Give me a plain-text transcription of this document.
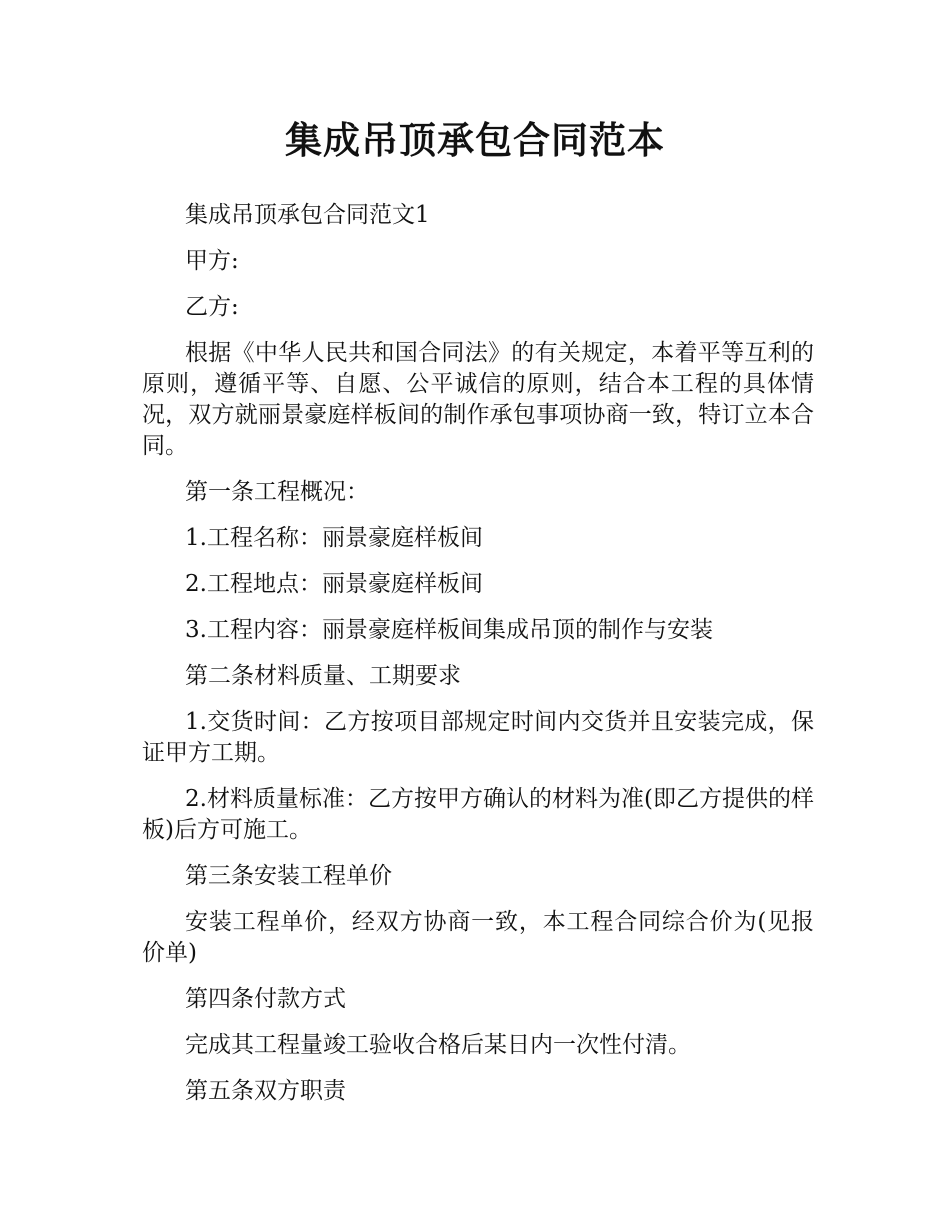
集成吊顶承包合同范本

集成吊顶承包合同范文1

甲方:

乙方:

根据《中华人民共和国合同法》的有关规定，本着平等互利的原则，遵循平等、自愿、公平诚信的原则，结合本工程的具体情况，双方就丽景豪庭样板间的制作承包事项协商一致，特订立本合同。

第一条工程概况：

1.工程名称：丽景豪庭样板间

2.工程地点：丽景豪庭样板间

3.工程内容：丽景豪庭样板间集成吊顶的制作与安装

第二条材料质量、工期要求

1.交货时间：乙方按项目部规定时间内交货并且安装完成，保证甲方工期。

2.材料质量标准：乙方按甲方确认的材料为准(即乙方提供的样板)后方可施工。

第三条安装工程单价

安装工程单价，经双方协商一致，本工程合同综合价为(见报价单)

第四条付款方式

完成其工程量竣工验收合格后某日内一次性付清。

第五条双方职责
